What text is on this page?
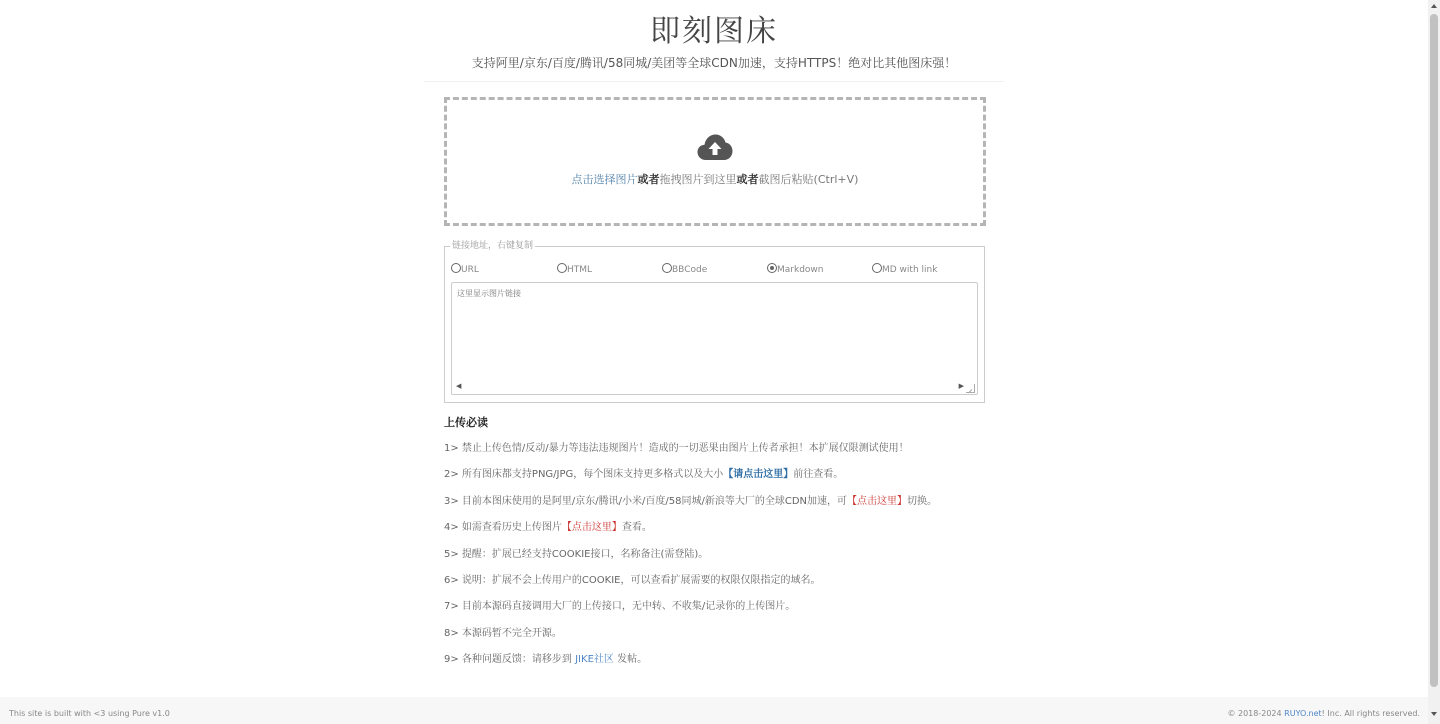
即刻图床

支持阿里/京东/百度/腾讯/58同城/美团等全球CDN加速，支持HTTPS！绝对比其他图床强！

点击选择图片或者拖拽图片到这里或者截图后粘贴(Ctrl+V)
链接地址，右键复制
URL	HTML	BBCode	Markdown	MD with link
这里显示图片链接
◀	▶
上传必读
1> 禁止上传色情/反动/暴力等违法违规图片！造成的一切恶果由图片上传者承担！本扩展仅限测试使用！
2> 所有图床都支持PNG/JPG，每个图床支持更多格式以及大小【请点击这里】前往查看。
3> 目前本图床使用的是阿里/京东/腾讯/小米/百度/58同城/新浪等大厂的全球CDN加速，可【点击这里】切换。
4> 如需查看历史上传图片【点击这里】查看。
5> 提醒：扩展已经支持COOKIE接口，名称备注(需登陆)。
6> 说明：扩展不会上传用户的COOKIE，可以查看扩展需要的权限仅限指定的域名。
7> 目前本源码直接调用大厂的上传接口，无中转、不收集/记录你的上传图片。
8> 本源码暂不完全开源。
9> 各种问题反馈：请移步到 JIKE社区 发帖。
This site is built with <3 using Pure v1.0	© 2018-2024 RUYO.net! Inc. All rights reserved.
